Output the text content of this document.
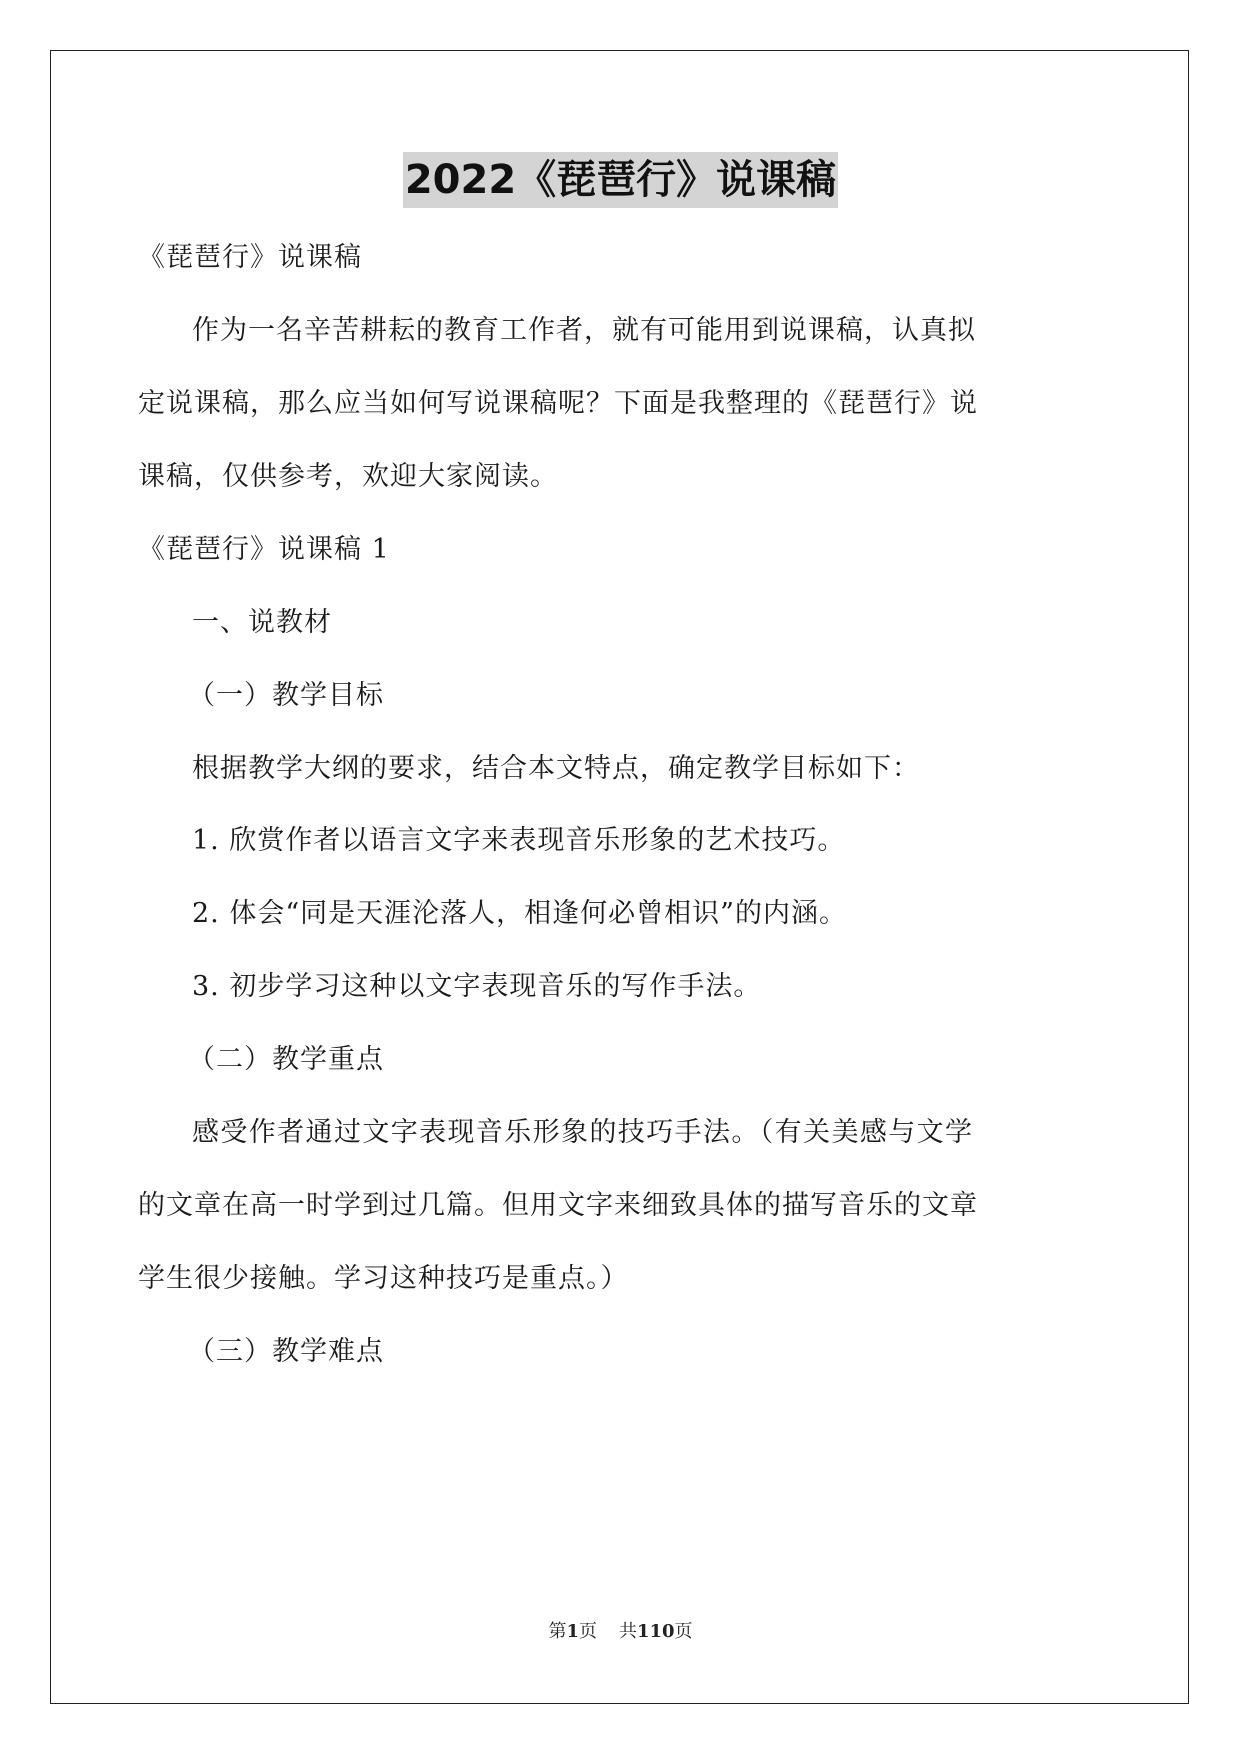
2022《琵琶行》说课稿
《琵琶行》说课稿
作为一名辛苦耕耘的教育工作者，就有可能用到说课稿，认真拟
定说课稿，那么应当如何写说课稿呢？下面是我整理的《琵琶行》说
课稿，仅供参考，欢迎大家阅读。
《琵琶行》说课稿 1
一、说教材
（一）教学目标
根据教学大纲的要求，结合本文特点，确定教学目标如下：
1. 欣赏作者以语言文字来表现音乐形象的艺术技巧。
2. 体会“同是天涯沦落人，相逢何必曾相识”的内涵。
3. 初步学习这种以文字表现音乐的写作手法。
（二）教学重点
感受作者通过文字表现音乐形象的技巧手法。（有关美感与文学
的文章在高一时学到过几篇。但用文字来细致具体的描写音乐的文章
学生很少接触。学习这种技巧是重点。）
（三）教学难点
第1页 共110页
